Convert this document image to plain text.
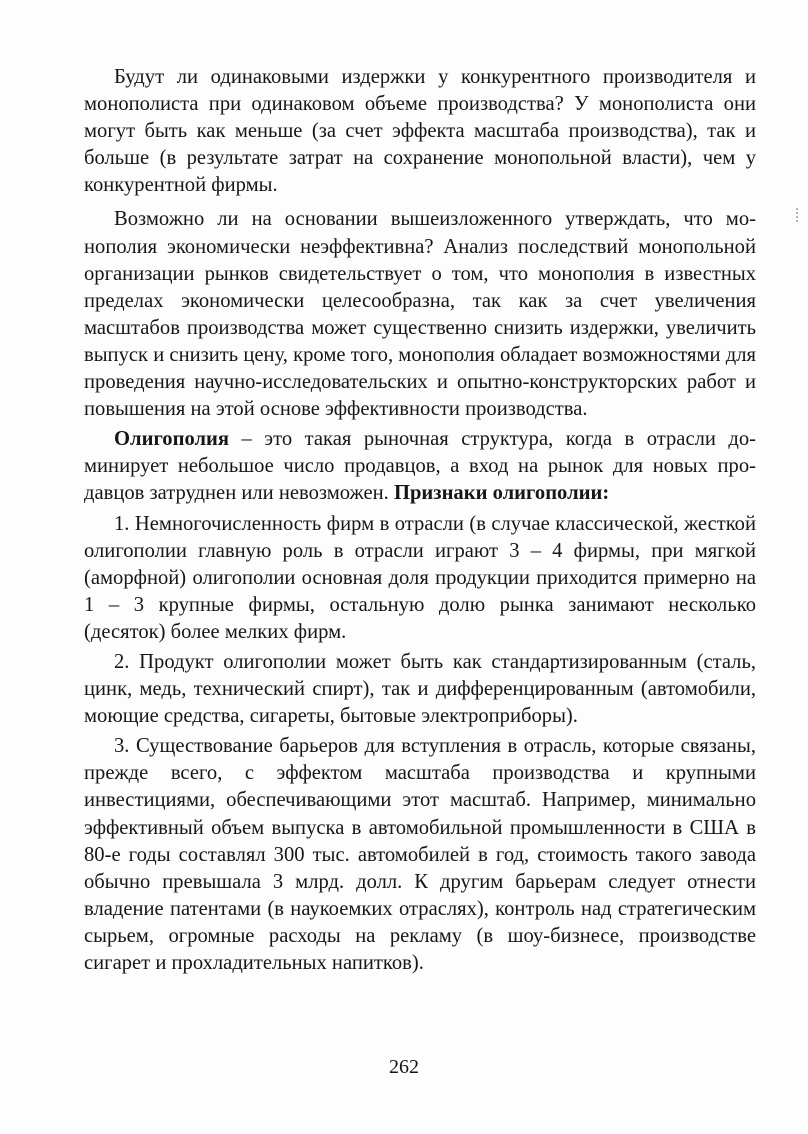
Будут ли одинаковыми издержки у конкурентного производителя и монополиста при одинаковом объеме производства? У монополиста они могут быть как меньше (за счет эффекта масштаба производства), так и больше (в результате затрат на сохранение монопольной власти), чем у конкурентной фирмы.

Возможно ли на основании вышеизложенного утверждать, что монополия экономически неэффективна? Анализ последствий монопольной организации рынков свидетельствует о том, что монополия в известных пределах экономически целесообразна, так как за счет увеличения масштабов производства может существенно снизить издержки, увеличить выпуск и снизить цену, кроме того, монополия обладает возможностями для проведения научно-исследовательских и опытно-конструкторских работ и повышения на этой основе эффективности производства.

Олигополия – это такая рыночная структура, когда в отрасли доминирует небольшое число продавцов, а вход на рынок для новых продавцов затруднен или невозможен. Признаки олигополии:

1. Немногочисленность фирм в отрасли (в случае классической, жесткой олигополии главную роль в отрасли играют 3 – 4 фирмы, при мягкой (аморфной) олигополии основная доля продукции приходится примерно на 1 – 3 крупные фирмы, остальную долю рынка занимают несколько (десяток) более мелких фирм.

2. Продукт олигополии может быть как стандартизированным (сталь, цинк, медь, технический спирт), так и дифференцированным (автомобили, моющие средства, сигареты, бытовые электроприборы).

3. Существование барьеров для вступления в отрасль, которые связаны, прежде всего, с эффектом масштаба производства и крупными инвестициями, обеспечивающими этот масштаб. Например, минимально эффективный объем выпуска в автомобильной промышленности в США в 80-е годы составлял 300 тыс. автомобилей в год, стоимость такого завода обычно превышала 3 млрд. долл. К другим барьерам следует отнести владение патентами (в наукоемких отраслях), контроль над стратегическим сырьем, огромные расходы на рекламу (в шоу-бизнесе, производстве сигарет и прохладительных напитков).

262
